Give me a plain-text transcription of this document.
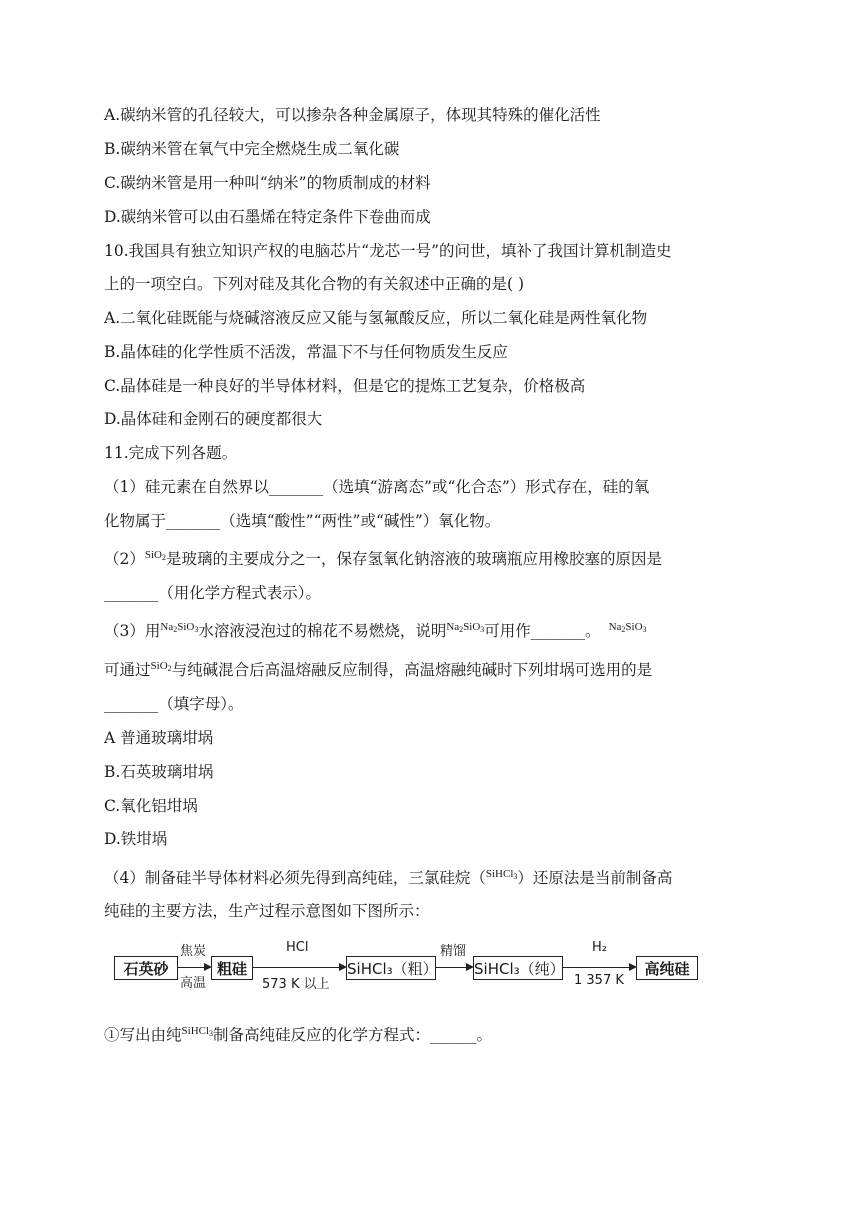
A.碳纳米管的孔径较大，可以掺杂各种金属原子，体现其特殊的催化活性
B.碳纳米管在氧气中完全燃烧生成二氧化碳
C.碳纳米管是用一种叫“纳米”的物质制成的材料
D.碳纳米管可以由石墨烯在特定条件下卷曲而成
10.我国具有独立知识产权的电脑芯片“龙芯一号”的问世，填补了我国计算机制造史
上的一项空白。下列对硅及其化合物的有关叙述中正确的是( )
A.二氧化硅既能与烧碱溶液反应又能与氢氟酸反应，所以二氧化硅是两性氧化物
B.晶体硅的化学性质不活泼，常温下不与任何物质发生反应
C.晶体硅是一种良好的半导体材料，但是它的提炼工艺复杂，价格极高
D.晶体硅和金刚石的硬度都很大
11.完成下列各题。
（1）硅元素在自然界以_______（选填“游离态”或“化合态”）形式存在，硅的氧
化物属于_______（选填“酸性”“两性”或“碱性”）氧化物。
$(2)^{SiO_2}$是玻璃的主要成分之一，保存氢氧化钠溶液的玻璃瓶应用橡胶塞的原因是
_______（用化学方程式表示）。
（3）用$^{Na_2SiO_3}$水溶液浸泡过的棉花不易燃烧，说明$^{Na_2SiO_3}$可用作_______。 $^{Na_2SiO_3}$
可通过$^{SiO_2}$与纯碱混合后高温熔融反应制得，高温熔融纯碱时下列坩埚可选用的是
_______（填字母）。
A 普通玻璃坩埚
B.石英玻璃坩埚
C.氧化铝坩埚
D.铁坩埚
（4）制备硅半导体材料必须先得到高纯硅，三氯硅烷（$^{SiHCl_3}$）还原法是当前制备高
纯硅的主要方法，生产过程示意图如下图所示：
石英砂
焦炭
高温
粗硅
HCl
573 K 以上
SiHCl₃（粗）
精馏
SiHCl₃（纯）
H₂
1 357 K
高纯硅
①写出由纯$^{SiHCl_3}$制备高纯硅反应的化学方程式：______。
